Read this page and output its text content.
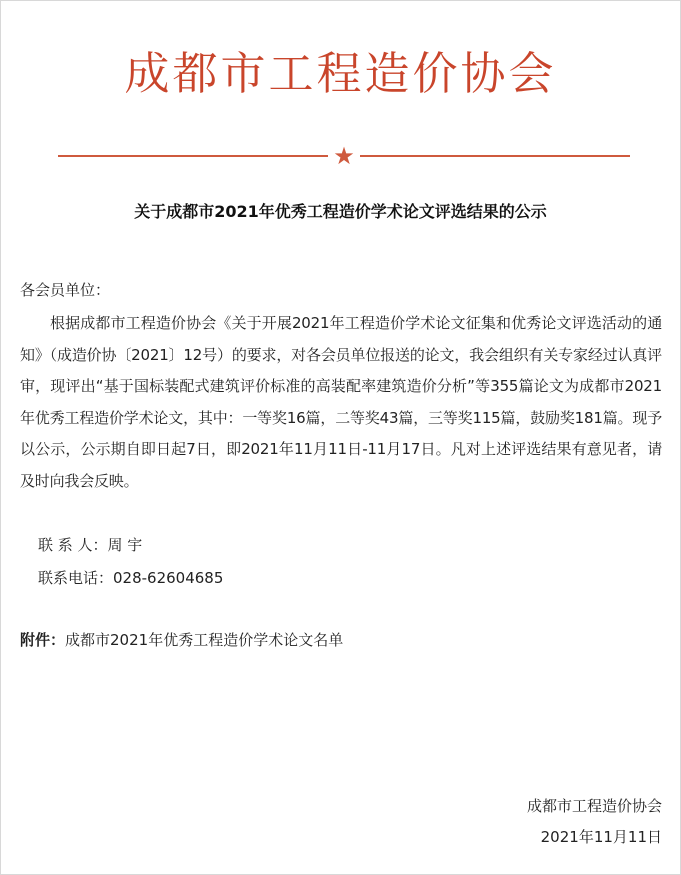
成都市工程造价协会
★
关于成都市2021年优秀工程造价学术论文评选结果的公示
各会员单位：
根据成都市工程造价协会《关于开展2021年工程造价学术论文征集和优秀论文评选活动的通知》（成造价协〔2021〕12号）的要求，对各会员单位报送的论文，我会组织有关专家经过认真评审，现评出“基于国标装配式建筑评价标准的高装配率建筑造价分析”等355篇论文为成都市2021年优秀工程造价学术论文，其中：一等奖16篇，二等奖43篇，三等奖115篇，鼓励奖181篇。现予以公示，公示期自即日起7日，即2021年11月11日-11月17日。凡对上述评选结果有意见者，请及时向我会反映。
联 系 人：周 宇
联系电话：028-62604685
附件：成都市2021年优秀工程造价学术论文名单
成都市工程造价协会
2021年11月11日
